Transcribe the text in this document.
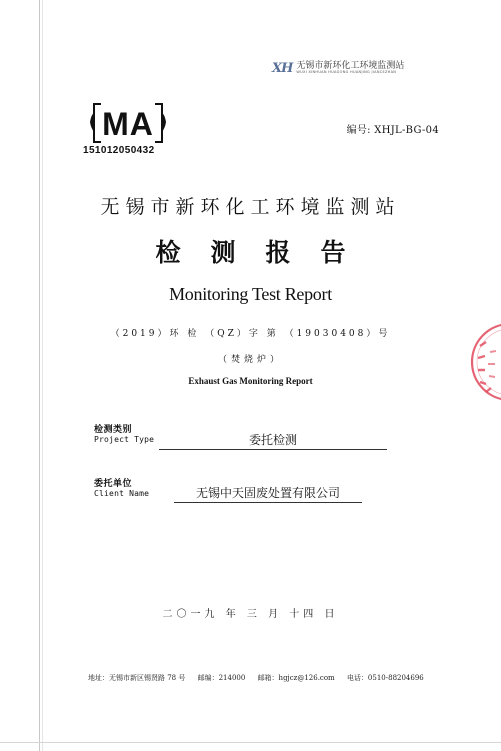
XH 无锡市新环化工环境监测站
WUXI XINHUAN HUAGONG HUANJING JIANCEZHAN
MA
151012050432
编号: XHJL-BG-04
无锡市新环化工环境监测站
检测报告
Monitoring Test Report
（2019）环 检 （QZ）字 第 （19030408）号
（焚烧炉）
Exhaust Gas Monitoring Report
检测类别
Project Type	委托检测
委托单位
Client Name	无锡中天固废处置有限公司
二〇一九 年 三 月 十四 日
地址：无锡市新区锡贤路 78 号 邮编：214000 邮箱：hgjcz@126.com 电话：0510-88204696
